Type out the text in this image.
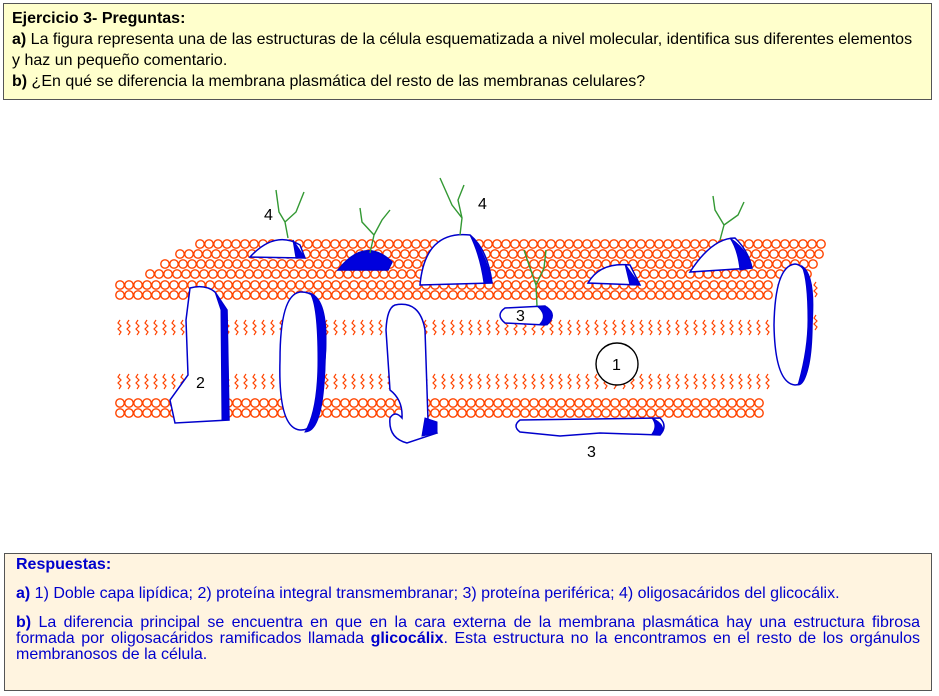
Ejercicio 3- Preguntas:
a) La figura representa una de las estructuras de la célula esquematizada a nivel molecular, identifica sus diferentes elementos y haz un pequeño comentario.
b) ¿En qué se diferencia la membrana plasmática del resto de las membranas celulares?
1
2
3
3
4
4

Respuestas:

a) 1) Doble capa lipídica; 2) proteína integral transmembranar; 3) proteína periférica; 4) oligosacáridos del glicocálix.

b) La diferencia principal se encuentra en que en la cara externa de la membrana plasmática hay una estructura fibrosa formada por oligosacáridos ramificados llamada glicocálix. Esta estructura no la encontramos en el resto de los orgánulos membranosos de la célula.
